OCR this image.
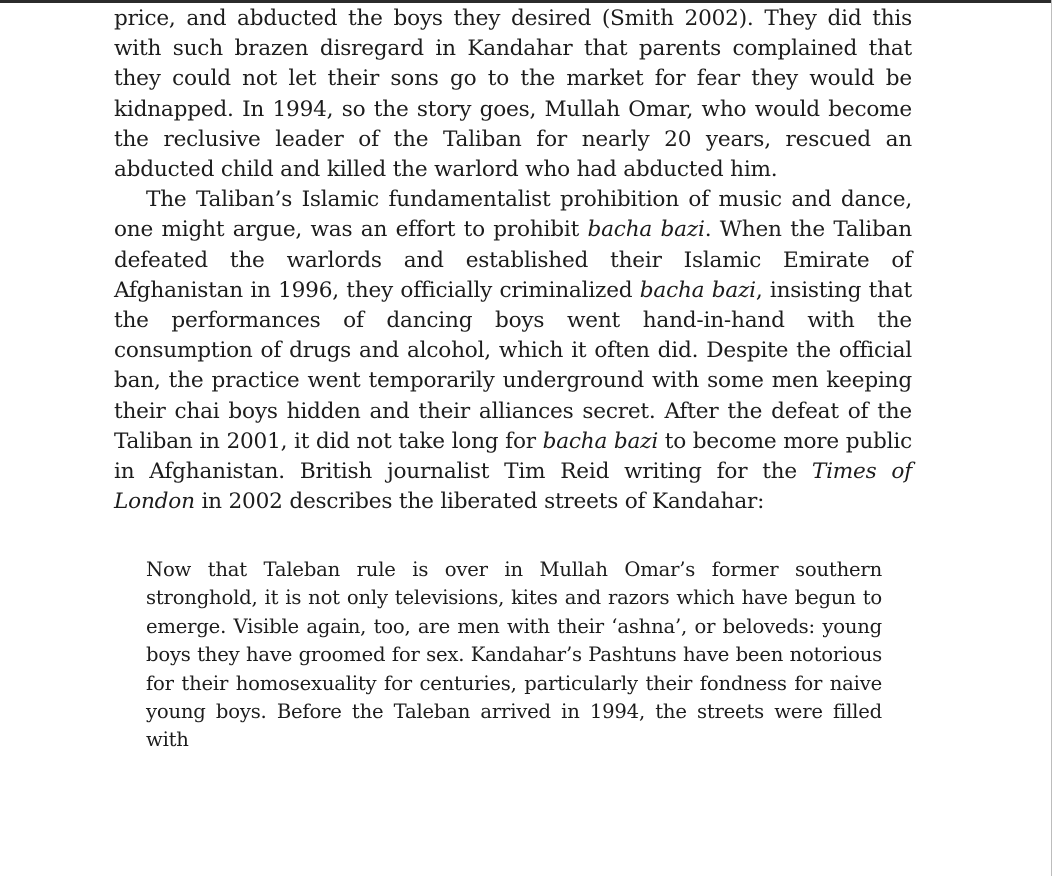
price, and abducted the boys they desired (Smith 2002). They did this with such brazen disregard in Kandahar that parents complained that they could not let their sons go to the market for fear they would be kidnapped. In 1994, so the story goes, Mullah Omar, who would become the reclusive leader of the Taliban for nearly 20 years, rescued an abducted child and killed the warlord who had abducted him.

The Taliban’s Islamic fundamentalist prohibition of music and dance, one might argue, was an effort to prohibit bacha bazi. When the Taliban defeated the warlords and established their Islamic Emirate of Afghanistan in 1996, they officially criminalized bacha bazi, insisting that the performances of dancing boys went hand-in-hand with the consumption of drugs and alcohol, which it often did. Despite the official ban, the practice went temporarily underground with some men keeping their chai boys hidden and their alliances secret. After the defeat of the Taliban in 2001, it did not take long for bacha bazi to become more public in Afghanistan. British journalist Tim Reid writing for the Times of London in 2002 describes the liberated streets of Kandahar:

Now that Taleban rule is over in Mullah Omar’s former southern stronghold, it is not only televisions, kites and razors which have begun to emerge. Visible again, too, are men with their ‘ashna’, or beloveds: young boys they have groomed for sex. Kandahar’s Pashtuns have been notorious for their homosexuality for centuries, particularly their fondness for naive young boys. Before the Taleban arrived in 1994, the streets were filled with
